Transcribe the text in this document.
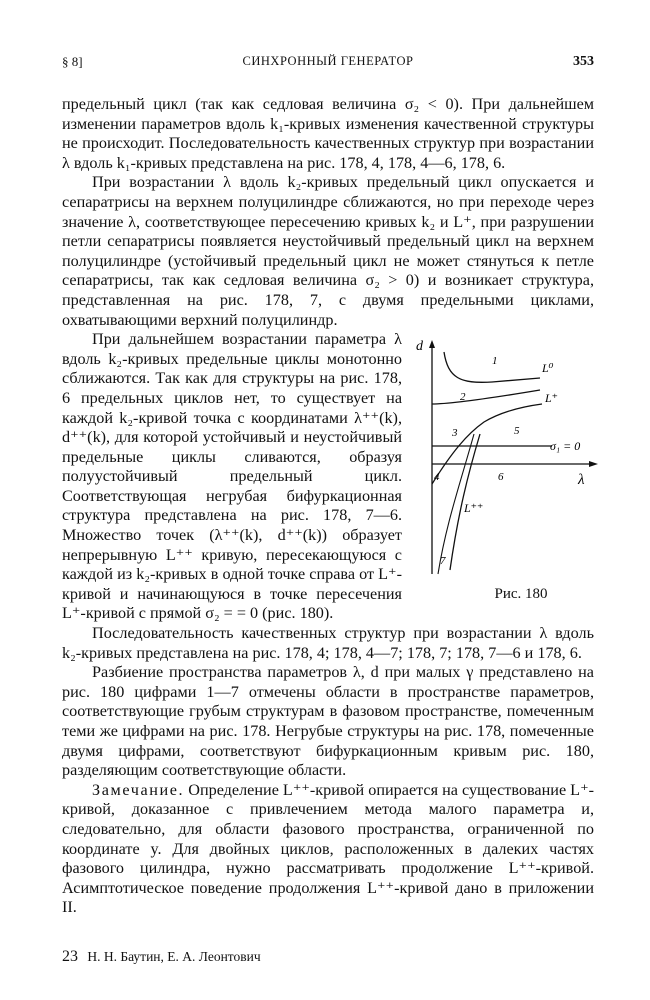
§ 8]	СИНХРОННЫЙ ГЕНЕРАТОР	353

предельный цикл (так как седловая величина σ₂ < 0). При дальнейшем изменении параметров вдоль k₁-кривых изменения качественной структуры не происходит. Последовательность качественных структур при возрастании λ вдоль k₁-кривых представлена на рис. 178, 4, 178, 4—6, 178, 6.

При возрастании λ вдоль k₂-кривых предельный цикл опускается и сепаратрисы на верхнем полуцилиндре сближаются, но при переходе через значение λ, соответствующее пересечению кривых k₂ и L⁺, при разрушении петли сепаратрисы появляется неустойчивый предельный цикл на верхнем полуцилиндре (устойчивый предельный цикл не может стянуться к петле сепаратрисы, так как седловая величина σ₂ > 0) и возникает структура, представленная на рис. 178, 7, с двумя предельными циклами, охватывающими верхний полуцилиндр.

d
λ
L⁰
L⁺
L⁺⁺
σ₁ = 0
1
2
3
4
5
6
7
Рис. 180
При дальнейшем возрастании параметра λ вдоль k₂-кривых предельные циклы монотонно сближаются. Так как для структуры на рис. 178, 6 предельных циклов нет, то существует на каждой k₂-кривой точка с координатами λ⁺⁺(k), d⁺⁺(k), для которой устойчивый и неустойчивый предельные циклы сливаются, образуя полуустойчивый предельный цикл. Соответствующая негрубая бифуркационная структура представлена на рис. 178, 7—6. Множество точек (λ⁺⁺(k), d⁺⁺(k)) образует непрерывную L⁺⁺ кривую, пересекающуюся с каждой из k₂-кривых в одной точке справа от L⁺-кривой и начинающуюся в точке пересечения L⁺-кривой с прямой σ₂ = = 0 (рис. 180).

Последовательность качественных структур при возрастании λ вдоль k₂-кривых представлена на рис. 178, 4; 178, 4—7; 178, 7; 178, 7—6 и 178, 6.

Разбиение пространства параметров λ, d при малых γ представлено на рис. 180 цифрами 1—7 отмечены области в пространстве параметров, соответствующие грубым структурам в фазовом пространстве, помеченным теми же цифрами на рис. 178. Негрубые структуры на рис. 178, помеченные двумя цифрами, соответствуют бифуркационным кривым рис. 180, разделяющим соответствующие области.

Замечание. Определение L⁺⁺-кривой опирается на существование L⁺-кривой, доказанное с привлечением метода малого параметра и, следовательно, для области фазового пространства, ограниченной по координате y. Для двойных циклов, расположенных в далеких частях фазового цилиндра, нужно рассматривать продолжение L⁺⁺-кривой. Асимптотическое поведение продолжения L⁺⁺-кривой дано в приложении II.

23 Н. Н. Баутин, Е. А. Леонтович
